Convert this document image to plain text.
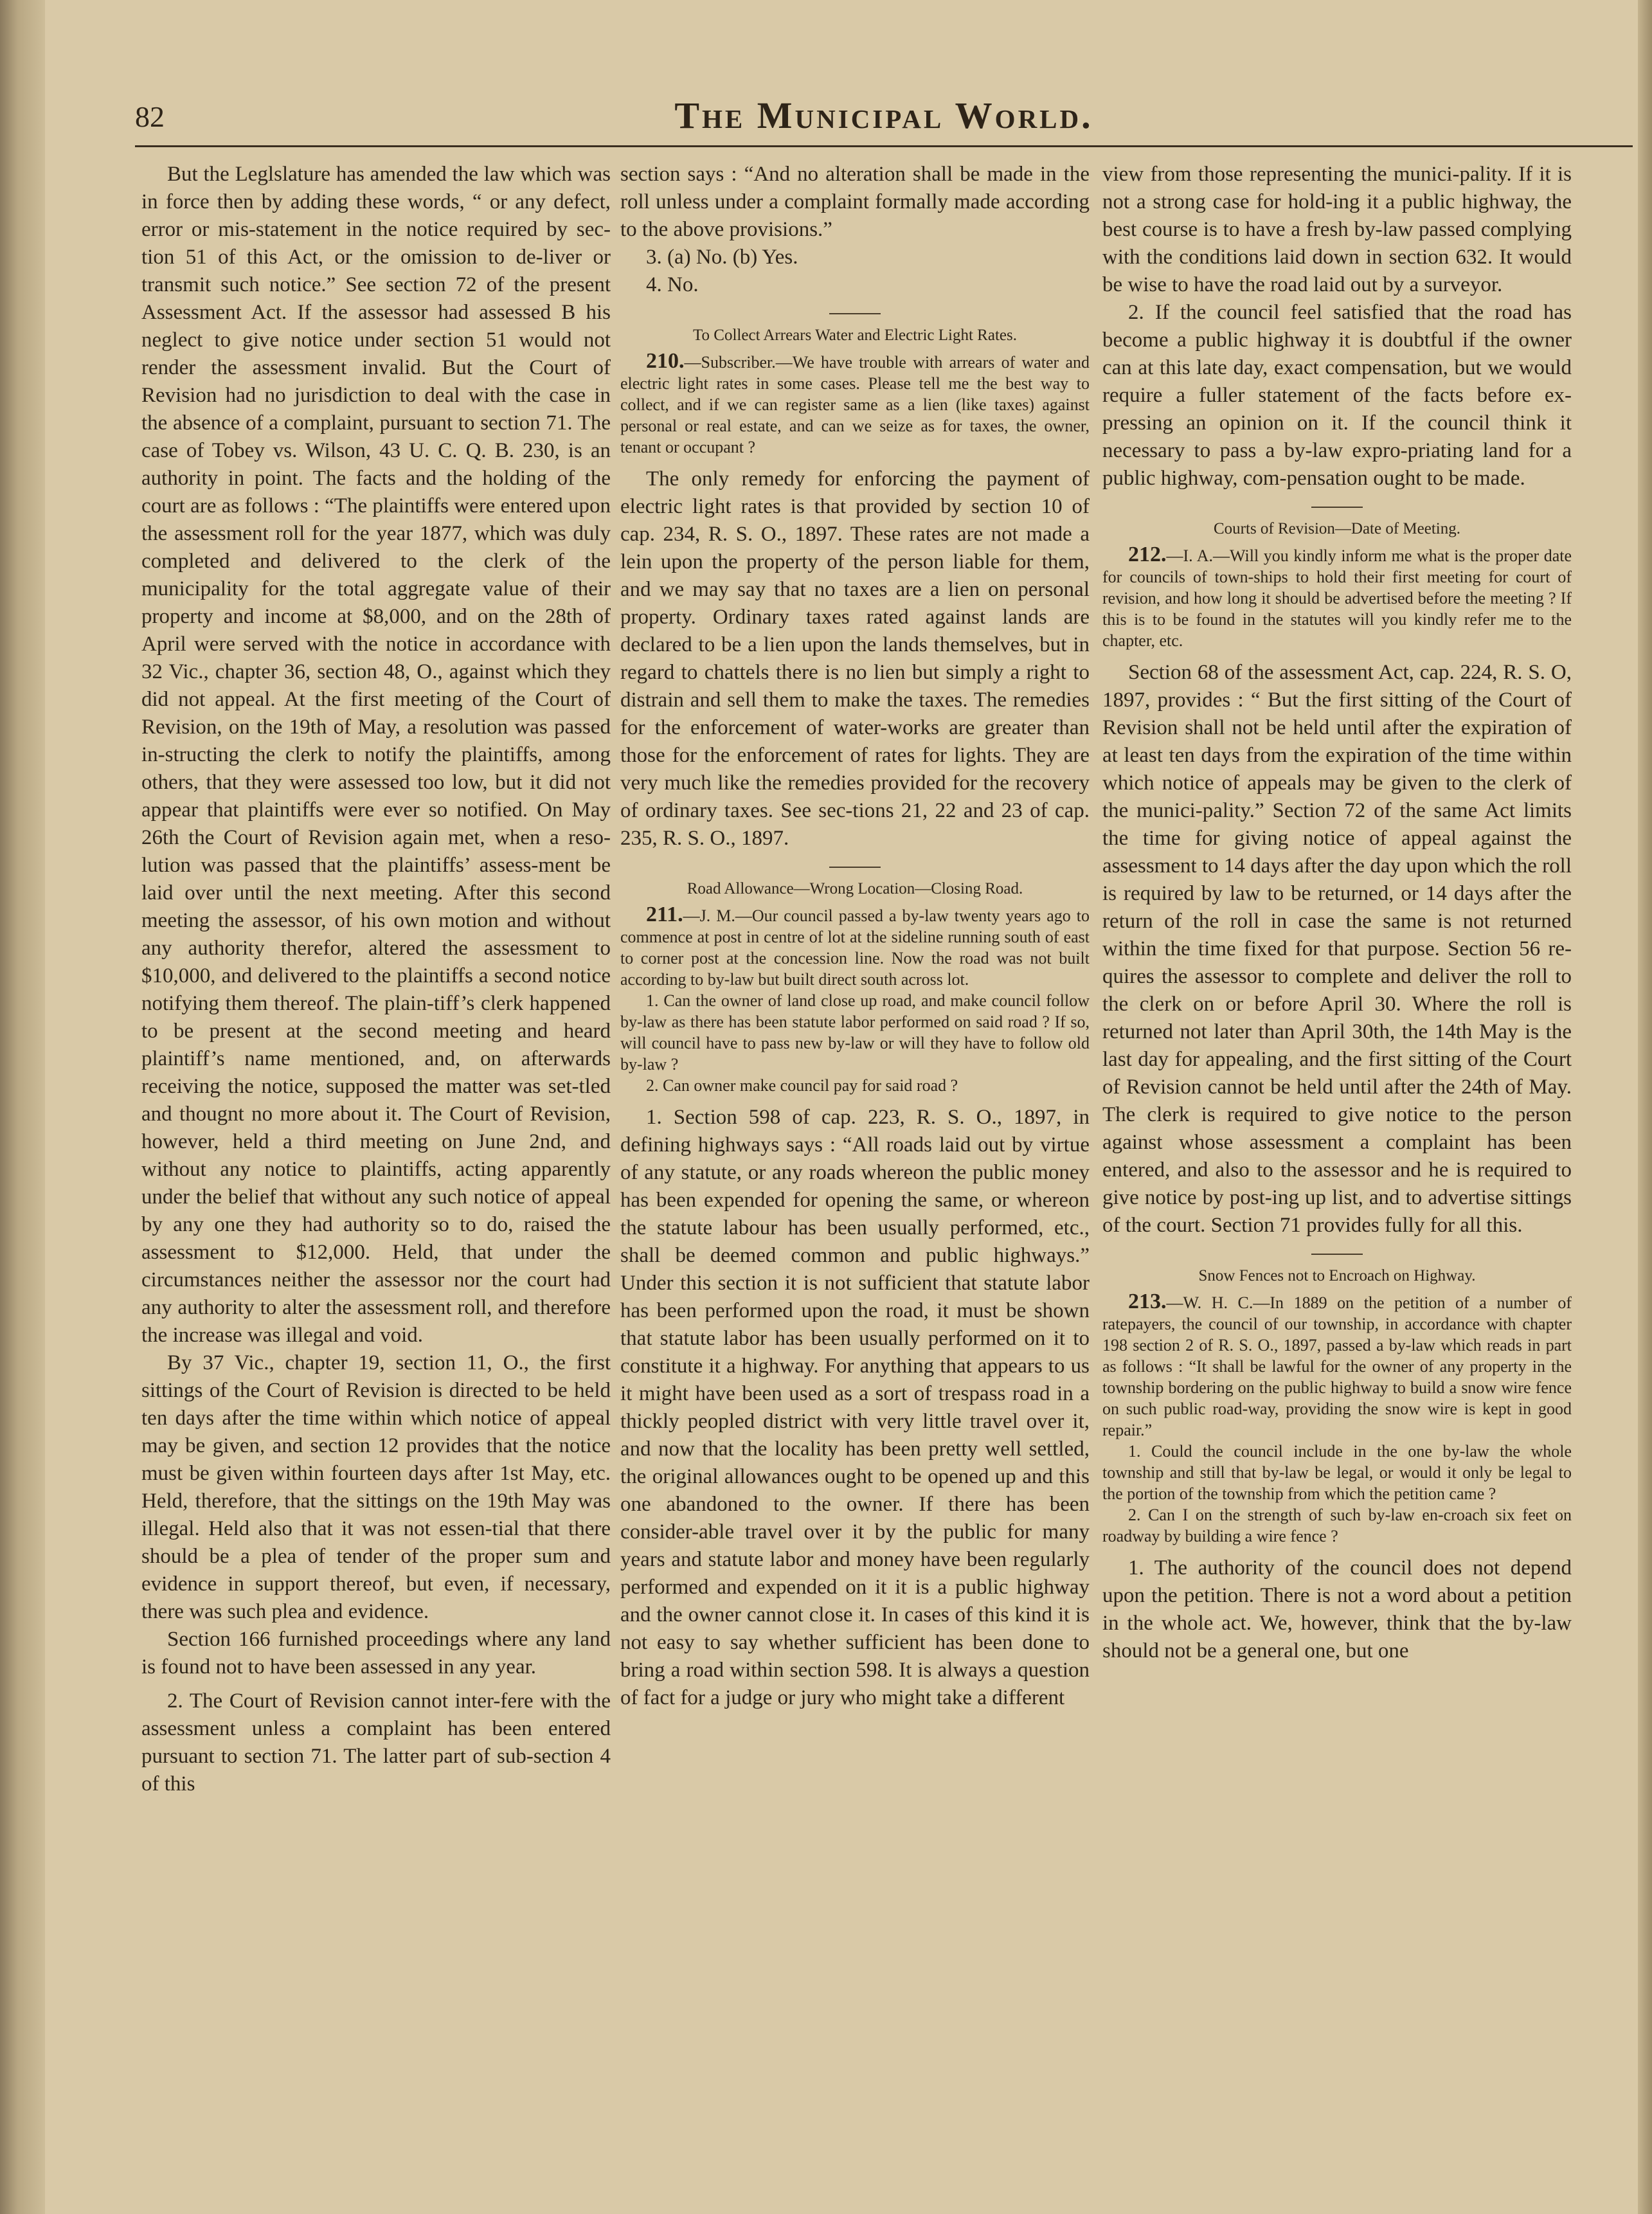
82	The Municipal World.

But the Leglslature has amended the law which was in force then by adding these words, “ or any defect, error or mis-statement in the notice required by sec-tion 51 of this Act, or the omission to de-liver or transmit such notice.” See section 72 of the present Assessment Act. If the assessor had assessed B his neglect to give notice under section 51 would not render the assessment invalid. But the Court of Revision had no jurisdiction to deal with the case in the absence of a complaint, pursuant to section 71. The case of Tobey vs. Wilson, 43 U. C. Q. B. 230, is an authority in point. The facts and the holding of the court are as follows : “The plaintiffs were entered upon the assessment roll for the year 1877, which was duly completed and delivered to the clerk of the municipality for the total aggregate value of their property and income at $8,000, and on the 28th of April were served with the notice in accordance with 32 Vic., chapter 36, section 48, O., against which they did not appeal. At the first meeting of the Court of Revision, on the 19th of May, a resolution was passed in-structing the clerk to notify the plaintiffs, among others, that they were assessed too low, but it did not appear that plaintiffs were ever so notified. On May 26th the Court of Revision again met, when a reso-lution was passed that the plaintiffs’ assess-ment be laid over until the next meeting. After this second meeting the assessor, of his own motion and without any authority therefor, altered the assessment to $10,000, and delivered to the plaintiffs a second notice notifying them thereof. The plain-tiff’s clerk happened to be present at the second meeting and heard plaintiff’s name mentioned, and, on afterwards receiving the notice, supposed the matter was set-tled and thougnt no more about it. The Court of Revision, however, held a third meeting on June 2nd, and without any notice to plaintiffs, acting apparently under the belief that without any such notice of appeal by any one they had authority so to do, raised the assessment to $12,000. Held, that under the circumstances neither the assessor nor the court had any authority to alter the assessment roll, and therefore the increase was illegal and void.

By 37 Vic., chapter 19, section 11, O., the first sittings of the Court of Revision is directed to be held ten days after the time within which notice of appeal may be given, and section 12 provides that the notice must be given within fourteen days after 1st May, etc. Held, therefore, that the sittings on the 19th May was illegal. Held also that it was not essen-tial that there should be a plea of tender of the proper sum and evidence in support thereof, but even, if necessary, there was such plea and evidence.

Section 166 furnished proceedings where any land is found not to have been assessed in any year.

2. The Court of Revision cannot inter-fere with the assessment unless a complaint has been entered pursuant to section 71. The latter part of sub-section 4 of this

section says : “And no alteration shall be made in the roll unless under a complaint formally made according to the above provisions.”

3. (a) No. (b) Yes.

4. No.

To Collect Arrears Water and Electric Light Rates.

210.—Subscriber.—We have trouble with arrears of water and electric light rates in some cases. Please tell me the best way to collect, and if we can register same as a lien (like taxes) against personal or real estate, and can we seize as for taxes, the owner, tenant or occupant ?

The only remedy for enforcing the payment of electric light rates is that provided by section 10 of cap. 234, R. S. O., 1897. These rates are not made a lein upon the property of the person liable for them, and we may say that no taxes are a lien on personal property. Ordinary taxes rated against lands are declared to be a lien upon the lands themselves, but in regard to chattels there is no lien but simply a right to distrain and sell them to make the taxes. The remedies for the enforcement of water-works are greater than those for the enforcement of rates for lights. They are very much like the remedies provided for the recovery of ordinary taxes. See sec-tions 21, 22 and 23 of cap. 235, R. S. O., 1897.

Road Allowance—Wrong Location—Closing Road.

211.—J. M.—Our council passed a by-law twenty years ago to commence at post in centre of lot at the sideline running south of east to corner post at the concession line. Now the road was not built according to by-law but built direct south across lot.

1. Can the owner of land close up road, and make council follow by-law as there has been statute labor performed on said road ? If so, will council have to pass new by-law or will they have to follow old by-law ?

2. Can owner make council pay for said road ?

1. Section 598 of cap. 223, R. S. O., 1897, in defining highways says : “All roads laid out by virtue of any statute, or any roads whereon the public money has been expended for opening the same, or whereon the statute labour has been usually performed, etc., shall be deemed common and public highways.” Under this section it is not sufficient that statute labor has been performed upon the road, it must be shown that statute labor has been usually performed on it to constitute it a highway. For anything that appears to us it might have been used as a sort of trespass road in a thickly peopled district with very little travel over it, and now that the locality has been pretty well settled, the original allowances ought to be opened up and this one abandoned to the owner. If there has been consider-able travel over it by the public for many years and statute labor and money have been regularly performed and expended on it it is a public highway and the owner cannot close it. In cases of this kind it is not easy to say whether sufficient has been done to bring a road within section 598. It is always a question of fact for a judge or jury who might take a different

view from those representing the munici-pality. If it is not a strong case for hold-ing it a public highway, the best course is to have a fresh by-law passed complying with the conditions laid down in section 632. It would be wise to have the road laid out by a surveyor.

2. If the council feel satisfied that the road has become a public highway it is doubtful if the owner can at this late day, exact compensation, but we would require a fuller statement of the facts before ex-pressing an opinion on it. If the council think it necessary to pass a by-law expro-priating land for a public highway, com-pensation ought to be made.

Courts of Revision—Date of Meeting.

212.—I. A.—Will you kindly inform me what is the proper date for councils of town-ships to hold their first meeting for court of revision, and how long it should be advertised before the meeting ? If this is to be found in the statutes will you kindly refer me to the chapter, etc.

Section 68 of the assessment Act, cap. 224, R. S. O, 1897, provides : “ But the first sitting of the Court of Revision shall not be held until after the expiration of at least ten days from the expiration of the time within which notice of appeals may be given to the clerk of the munici-pality.” Section 72 of the same Act limits the time for giving notice of appeal against the assessment to 14 days after the day upon which the roll is required by law to be returned, or 14 days after the return of the roll in case the same is not returned within the time fixed for that purpose. Section 56 re-quires the assessor to complete and deliver the roll to the clerk on or before April 30. Where the roll is returned not later than April 30th, the 14th May is the last day for appealing, and the first sitting of the Court of Revision cannot be held until after the 24th of May. The clerk is required to give notice to the person against whose assessment a complaint has been entered, and also to the assessor and he is required to give notice by post-ing up list, and to advertise sittings of the court. Section 71 provides fully for all this.

Snow Fences not to Encroach on Highway.

213.—W. H. C.—In 1889 on the petition of a number of ratepayers, the council of our township, in accordance with chapter 198 section 2 of R. S. O., 1897, passed a by-law which reads in part as follows : “It shall be lawful for the owner of any property in the township bordering on the public highway to build a snow wire fence on such public road-way, providing the snow wire is kept in good repair.”

1. Could the council include in the one by-law the whole township and still that by-law be legal, or would it only be legal to the portion of the township from which the petition came ?

2. Can I on the strength of such by-law en-croach six feet on roadway by building a wire fence ?

1. The authority of the council does not depend upon the petition. There is not a word about a petition in the whole act. We, however, think that the by-law should not be a general one, but one
